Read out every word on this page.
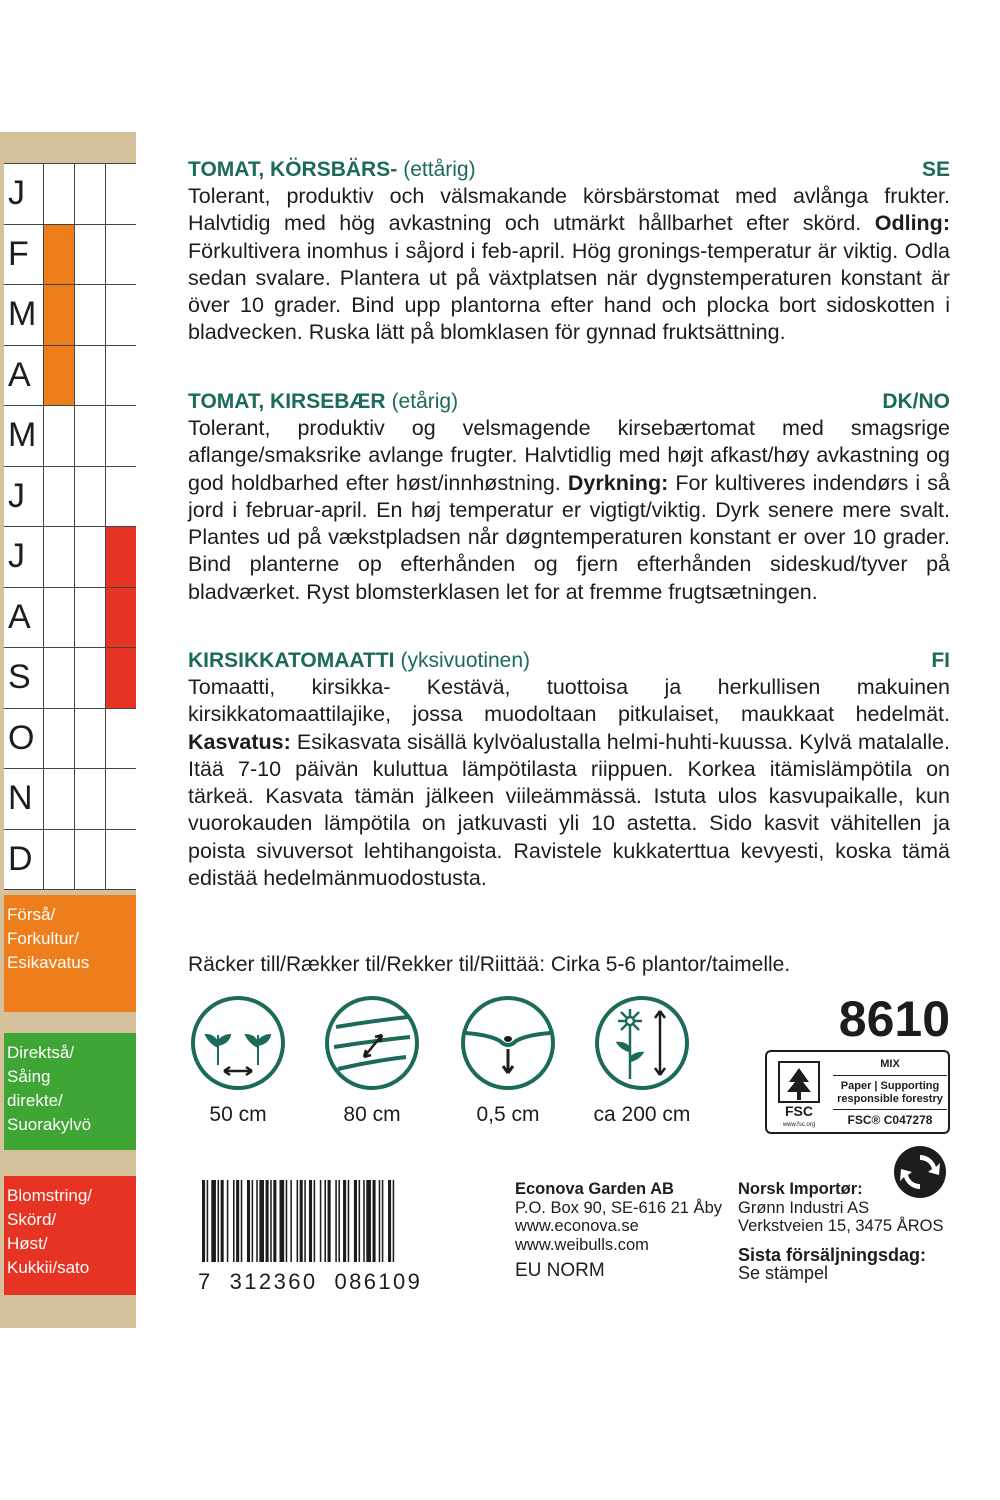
J
F
M
A
M
J
J
A
S
O
N
D
Förså/
Forkultur/
Esikavatus
Direktså/
Såing
direkte/
Suorakylvö
Blomstring/
Skörd/
Høst/
Kukkii/sato
TOMAT, KÖRSBÄRS- (ettårig)	SE
Tolerant, produktiv och välsmakande körsbärstomat med avlånga frukter. Halvtidig med hög avkastning och utmärkt hållbarhet efter skörd. Odling: Förkultivera inomhus i såjord i feb-april. Hög gronings-temperatur är viktig. Odla sedan svalare. Plantera ut på växtplatsen när dygnstemperaturen konstant är över 10 grader. Bind upp plantorna efter hand och plocka bort sidoskotten i bladvecken. Ruska lätt på blomklasen för gynnad fruktsättning.
TOMAT, KIRSEBÆR (etårig)	DK/NO
Tolerant, produktiv og velsmagende kirsebærtomat med smagsrige aflange/smaksrike avlange frugter. Halvtidlig med højt afkast/høy avkastning og god holdbarhed efter høst/innhøstning. Dyrkning: For kultiveres indendørs i så jord i februar-april. En høj temperatur er vigtigt/viktig. Dyrk senere mere svalt. Plantes ud på vækstpladsen når døgntemperaturen konstant er over 10 grader. Bind planterne op efterhånden og fjern efterhånden sideskud/tyver på bladværket. Ryst blomsterklasen let for at fremme frugtsætningen.
KIRSIKKATOMAATTI (yksivuotinen)	FI
Tomaatti, kirsikka- Kestävä, tuottoisa ja herkullisen makuinen kirsikkatomaattilajike, jossa muodoltaan pitkulaiset, maukkaat hedelmät. Kasvatus: Esikasvata sisällä kylvöalustalla helmi-huhti-kuussa. Kylvä matalalle. Itää 7-10 päivän kuluttua lämpötilasta riippuen. Korkea itämislämpötila on tärkeä. Kasvata tämän jälkeen viileämmässä. Istuta ulos kasvupaikalle, kun vuorokauden lämpötila on jatkuvasti yli 10 astetta. Sido kasvit vähitellen ja poista sivuversot lehtihangoista. Ravistele kukkaterttua kevyesti, koska tämä edistää hedelmänmuodostusta.
Räcker till/Rækker til/Rekker til/Riittää: Cirka 5-6 plantor/taimelle.
50 cm	80 cm	0,5 cm	ca 200 cm
8610
FSC
www.fsc.org
MIX
Paper | Supporting
responsible forestry
FSC® C047278
7  312360  086109
Econova Garden AB
P.O. Box 90, SE-616 21 Åby
www.econova.se
www.weibulls.com
EU NORM
Norsk Importør:
Grønn Industri AS
Verkstveien 15, 3475 ÅROS
Sista försäljningsdag:
Se stämpel
